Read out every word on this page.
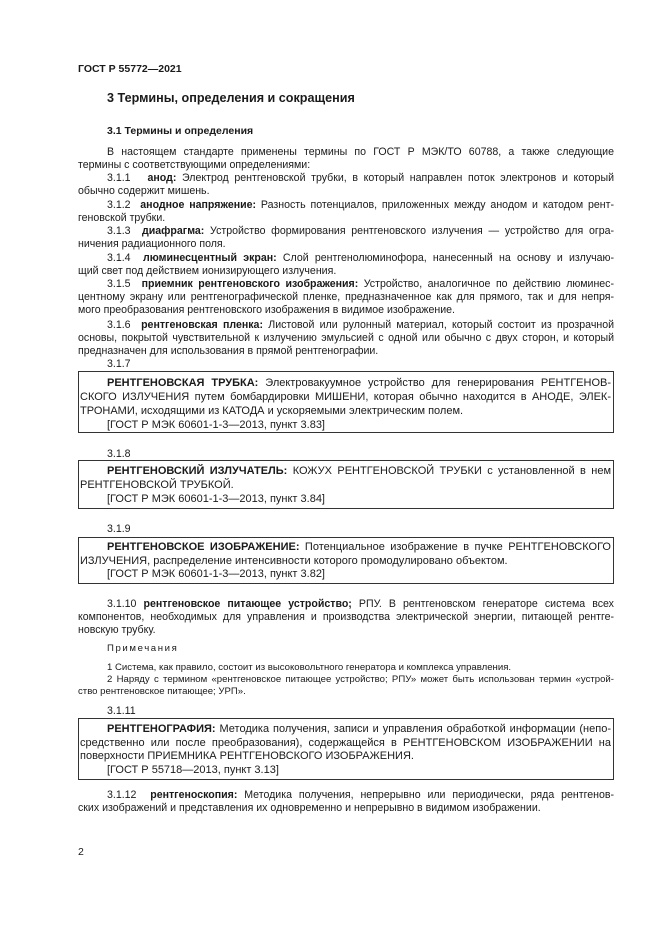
ГОСТ Р 55772—2021
3 Термины, определения и сокращения
3.1 Термины и определения
В настоящем стандарте применены термины по ГОСТ Р МЭК/ТО 60788, а также следующие
термины с соответствующими определениями:
3.1.1 анод: Электрод рентгеновской трубки, в который направлен поток электронов и который
обычно содержит мишень.
3.1.2 анодное напряжение: Разность потенциалов, приложенных между анодом и катодом рент-
геновской трубки.
3.1.3 диафрагма: Устройство формирования рентгеновского излучения — устройство для огра-
ничения радиационного поля.
3.1.4 люминесцентный экран: Слой рентгенолюминофора, нанесенный на основу и излучаю-
щий свет под действием ионизирующего излучения.
3.1.5 приемник рентгеновского изображения: Устройство, аналогичное по действию люминес-
центному экрану или рентгенографической пленке, предназначенное как для прямого, так и для непря-
мого преобразования рентгеновского изображения в видимое изображение.
3.1.6 рентгеновская пленка: Листовой или рулонный материал, который состоит из прозрачной
основы, покрытой чувствительной к излучению эмульсией с одной или обычно с двух сторон, и который
предназначен для использования в прямой рентгенографии.
3.1.7
РЕНТГЕНОВСКАЯ ТРУБКА: Электровакуумное устройство для генерирования РЕНТГЕНОВ-
СКОГО ИЗЛУЧЕНИЯ путем бомбардировки МИШЕНИ, которая обычно находится в АНОДЕ, ЭЛЕК-
ТРОНАМИ, исходящими из КАТОДА и ускоряемыми электрическим полем.
[ГОСТ Р МЭК 60601-1-3—2013, пункт 3.83]
3.1.8
РЕНТГЕНОВСКИЙ ИЗЛУЧАТЕЛЬ: КОЖУХ РЕНТГЕНОВСКОЙ ТРУБКИ с установленной в нем
РЕНТГЕНОВСКОЙ ТРУБКОЙ.
[ГОСТ Р МЭК 60601-1-3—2013, пункт 3.84]
3.1.9
РЕНТГЕНОВСКОЕ ИЗОБРАЖЕНИЕ: Потенциальное изображение в пучке РЕНТГЕНОВСКОГО
ИЗЛУЧЕНИЯ, распределение интенсивности которого промодулировано объектом.
[ГОСТ Р МЭК 60601-1-3—2013, пункт 3.82]
3.1.10 рентгеновское питающее устройство; РПУ. В рентгеновском генераторе система всех
компонентов, необходимых для управления и производства электрической энергии, питающей рентге-
новскую трубку.
Примечания
1 Система, как правило, состоит из высоковольтного генератора и комплекса управления.
2 Наряду с термином «рентгеновское питающее устройство; РПУ» может быть использован термин «устрой-
ство рентгеновское питающее; УРП».
3.1.11
РЕНТГЕНОГРАФИЯ: Методика получения, записи и управления обработкой информации (непо-
средственно или после преобразования), содержащейся в РЕНТГЕНОВСКОМ ИЗОБРАЖЕНИИ на
поверхности ПРИЕМНИКА РЕНТГЕНОВСКОГО ИЗОБРАЖЕНИЯ.
[ГОСТ Р 55718—2013, пункт 3.13]
3.1.12 рентгеноскопия: Методика получения, непрерывно или периодически, ряда рентгенов-
ских изображений и представления их одновременно и непрерывно в видимом изображении.
2
